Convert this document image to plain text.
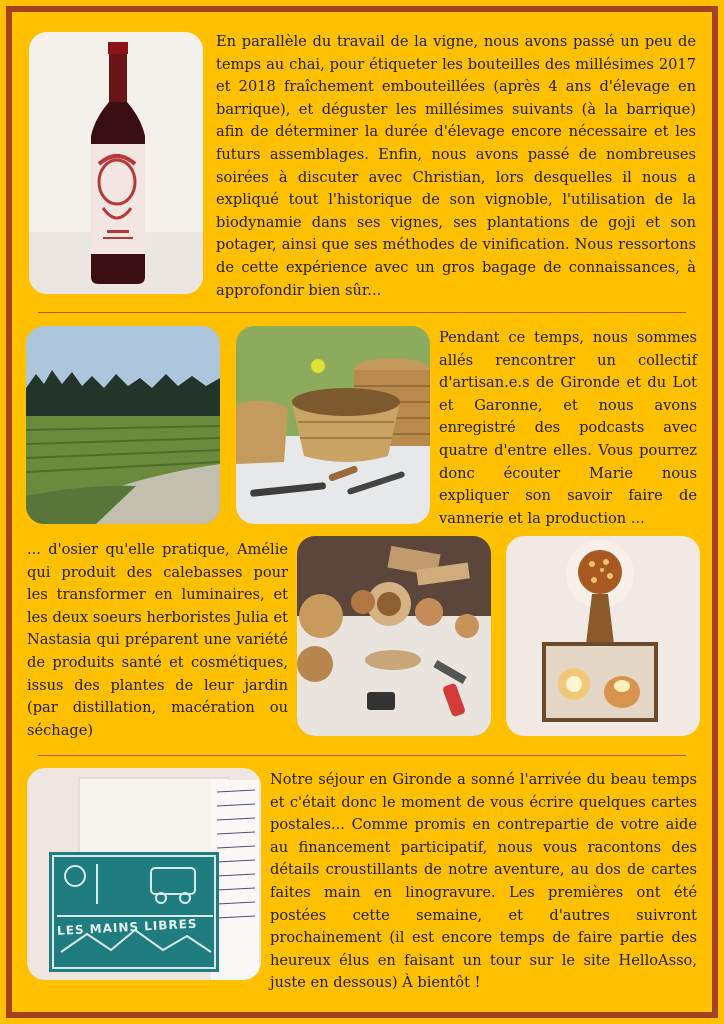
En parallèle du travail de la vigne, nous avons passé un peu de temps au chai, pour étiqueter les bouteilles des millésimes 2017 et 2018 fraîchement embouteillées (après 4 ans d'élevage en barrique), et déguster les millésimes suivants (à la barrique) afin de déterminer la durée d'élevage encore nécessaire et les futurs assemblages. Enfin, nous avons passé de nombreuses soirées à discuter avec Christian, lors desquelles il nous a expliqué tout l'historique de son vignoble, l'utilisation de la biodynamie dans ses vignes, ses plantations de goji et son potager, ainsi que ses méthodes de vinification. Nous ressortons de cette expérience avec un gros bagage de connaissances, à approfondir bien sûr...

Pendant ce temps, nous sommes allés rencontrer un collectif d'artisan.e.s de Gironde et du Lot et Garonne, et nous avons enregistré des podcasts avec quatre d'entre elles. Vous pourrez donc écouter Marie nous expliquer son savoir faire de vannerie et la production ...

... d'osier qu'elle pratique, Amélie qui produit des calebasses pour les transformer en luminaires, et les deux soeurs herboristes Julia et Nastasia qui préparent une variété de produits santé et cosmétiques, issus des plantes de leur jardin (par distillation, macération ou séchage)

LES MAINS LIBRES

Notre séjour en Gironde a sonné l'arrivée du beau temps et c'était donc le moment de vous écrire quelques cartes postales... Comme promis en contrepartie de votre aide au financement participatif, nous vous racontons des détails croustillants de notre aventure, au dos de cartes faites main en linogravure. Les premières ont été postées cette semaine, et d'autres suivront prochainement (il est encore temps de faire partie des heureux élus en faisant un tour sur le site HelloAsso, juste en dessous) À bientôt !
